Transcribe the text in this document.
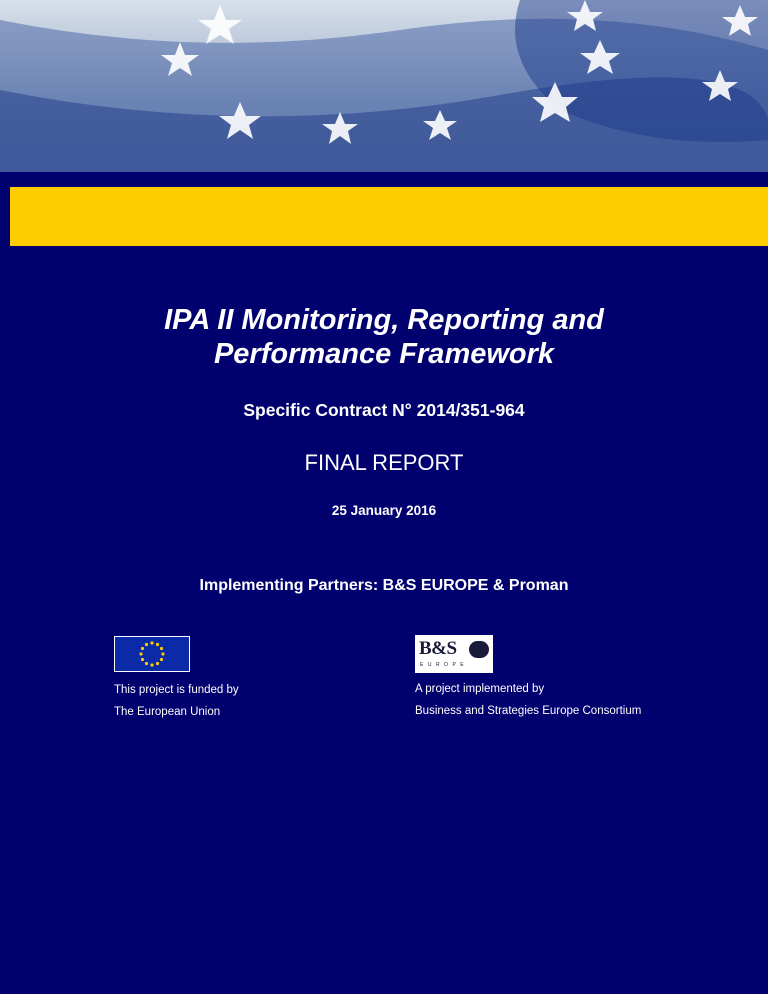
IPA II Monitoring, Reporting and
Performance Framework

Specific Contract N° 2014/351-964

FINAL REPORT

25 January 2016

Implementing Partners: B&S EUROPE & Proman

B&S
EUROPE

This project is funded by

The European Union

A project implemented by

Business and Strategies Europe Consortium
